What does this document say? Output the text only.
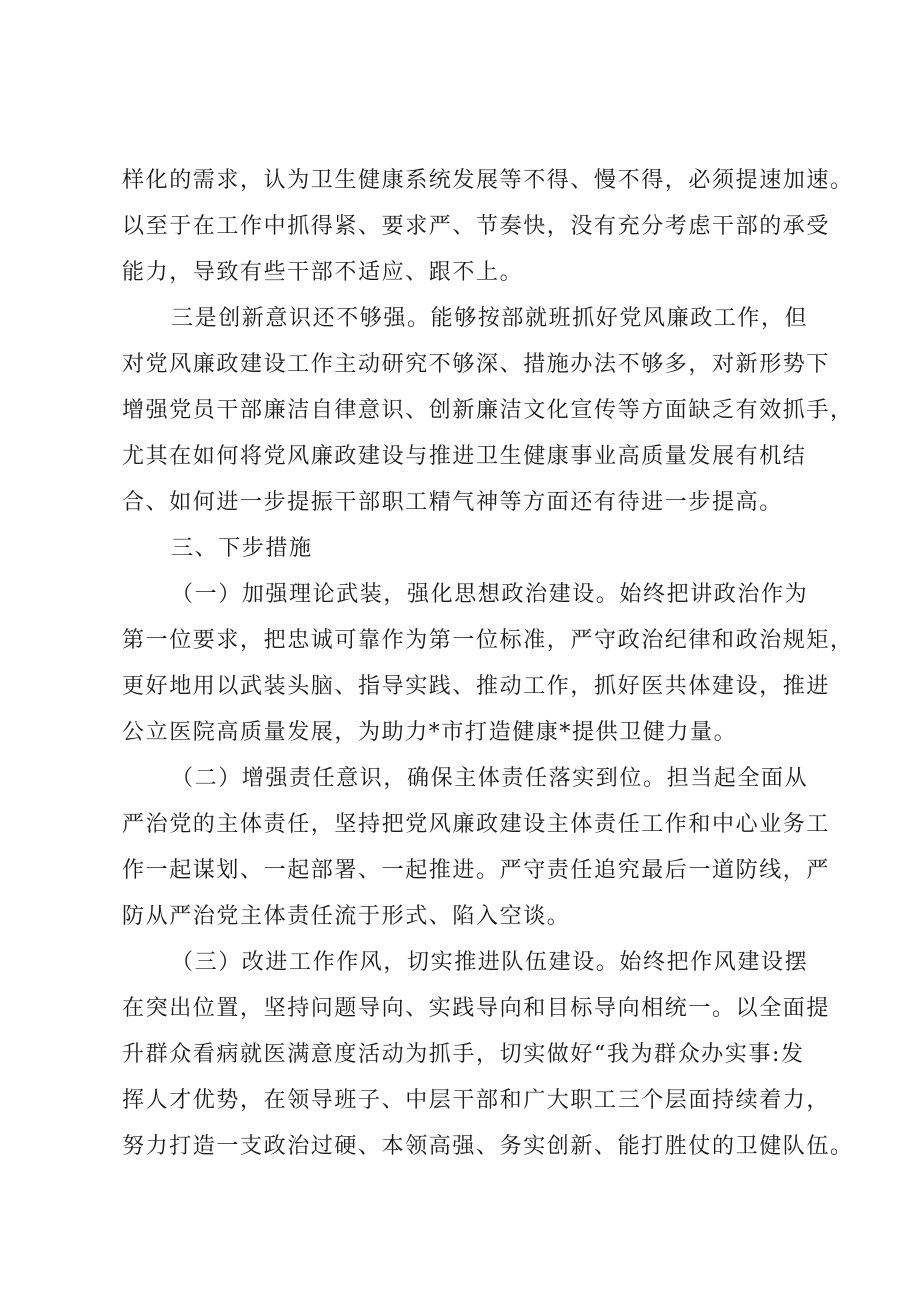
样化的需求，认为卫生健康系统发展等不得、慢不得，必须提速加速。
以至于在工作中抓得紧、要求严、节奏快，没有充分考虑干部的承受
能力，导致有些干部不适应、跟不上。
三是创新意识还不够强。能够按部就班抓好党风廉政工作，但
对党风廉政建设工作主动研究不够深、措施办法不够多，对新形势下
增强党员干部廉洁自律意识、创新廉洁文化宣传等方面缺乏有效抓手，
尤其在如何将党风廉政建设与推进卫生健康事业高质量发展有机结
合、如何进一步提振干部职工精气神等方面还有待进一步提高。
三、下步措施
（一）加强理论武装，强化思想政治建设。始终把讲政治作为
第一位要求，把忠诚可靠作为第一位标准，严守政治纪律和政治规矩，
更好地用以武装头脑、指导实践、推动工作，抓好医共体建设，推进
公立医院高质量发展，为助力*市打造健康*提供卫健力量。
（二）增强责任意识，确保主体责任落实到位。担当起全面从
严治党的主体责任，坚持把党风廉政建设主体责任工作和中心业务工
作一起谋划、一起部署、一起推进。严守责任追究最后一道防线，严
防从严治党主体责任流于形式、陷入空谈。
（三）改进工作作风，切实推进队伍建设。始终把作风建设摆
在突出位置，坚持问题导向、实践导向和目标导向相统一。以全面提
升群众看病就医满意度活动为抓手，切实做好“我为群众办实事:发
挥人才优势，在领导班子、中层干部和广大职工三个层面持续着力，
努力打造一支政治过硬、本领高强、务实创新、能打胜仗的卫健队伍。
